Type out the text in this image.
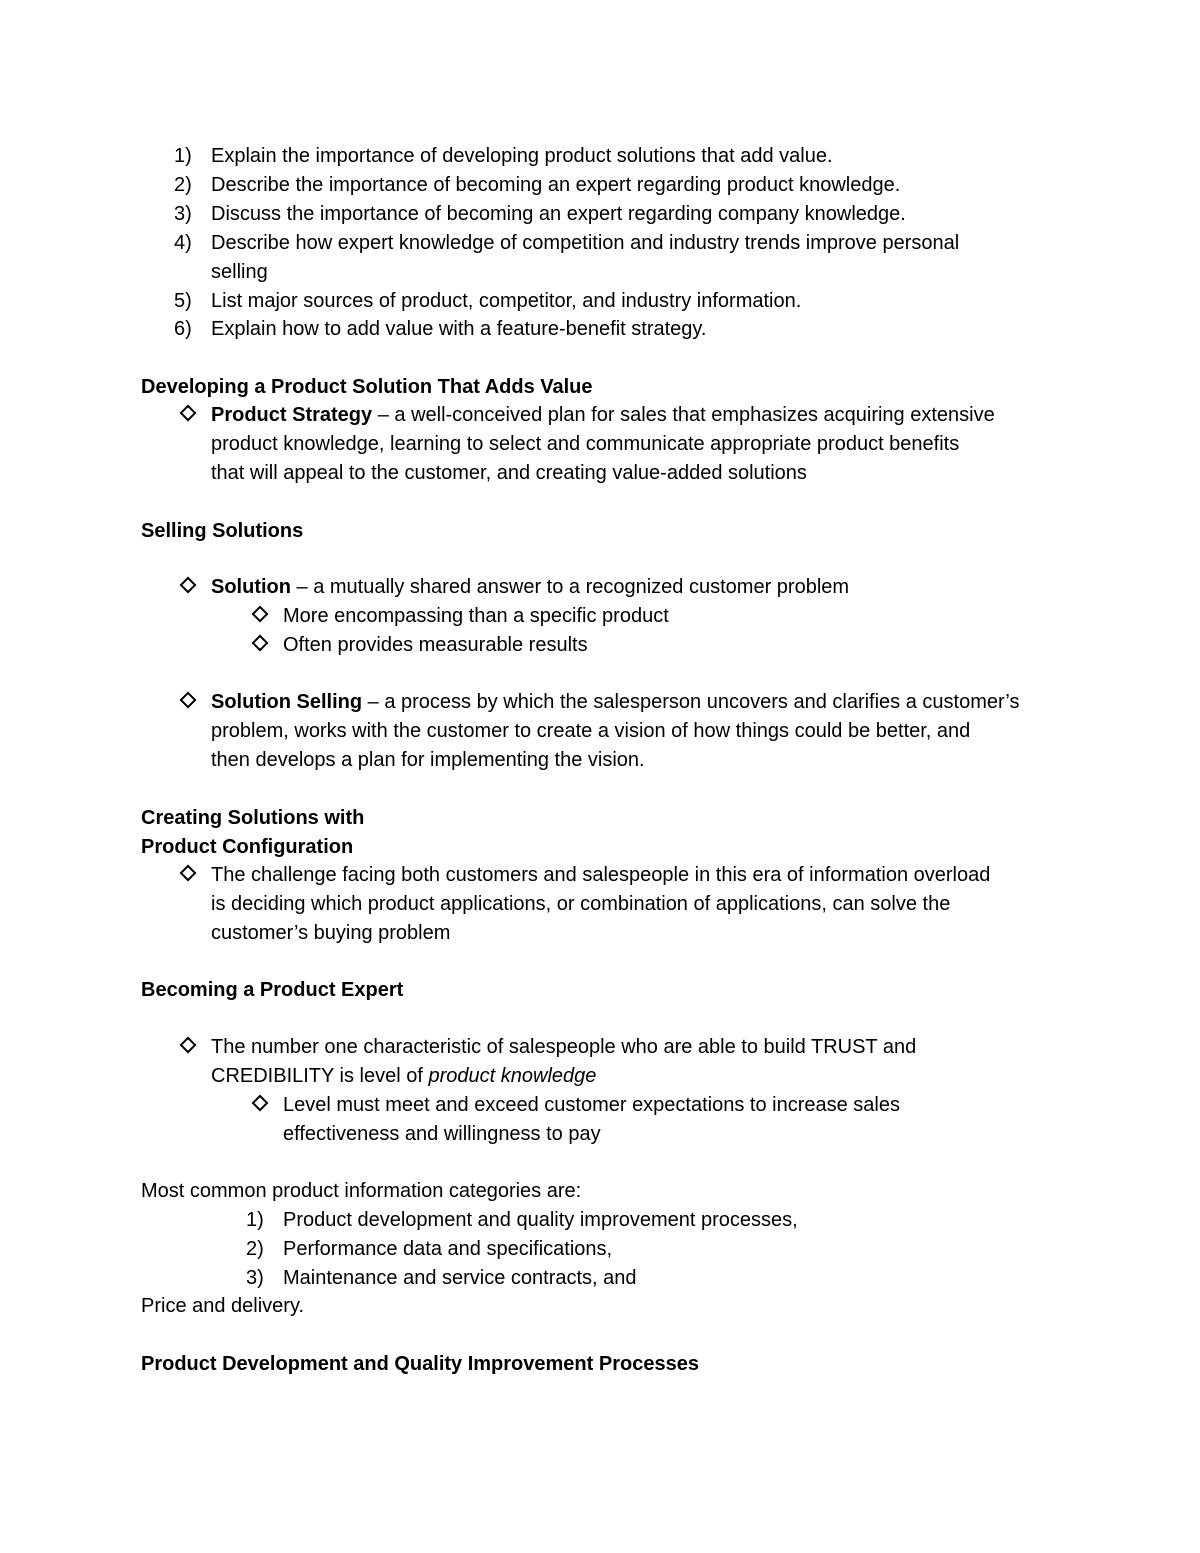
1) Explain the importance of developing product solutions that add value.
2) Describe the importance of becoming an expert regarding product knowledge.
3) Discuss the importance of becoming an expert regarding company knowledge.
4) Describe how expert knowledge of competition and industry trends improve personal
selling
5) List major sources of product, competitor, and industry information.
6) Explain how to add value with a feature-benefit strategy.
Developing a Product Solution That Adds Value
Product Strategy – a well-conceived plan for sales that emphasizes acquiring extensive
product knowledge, learning to select and communicate appropriate product benefits
that will appeal to the customer, and creating value-added solutions
Selling Solutions
Solution – a mutually shared answer to a recognized customer problem
More encompassing than a specific product
Often provides measurable results
Solution Selling – a process by which the salesperson uncovers and clarifies a customer’s
problem, works with the customer to create a vision of how things could be better, and
then develops a plan for implementing the vision.
Creating Solutions with
Product Configuration
The challenge facing both customers and salespeople in this era of information overload
is deciding which product applications, or combination of applications, can solve the
customer’s buying problem
Becoming a Product Expert
The number one characteristic of salespeople who are able to build TRUST and
CREDIBILITY is level of product knowledge
Level must meet and exceed customer expectations to increase sales
effectiveness and willingness to pay
Most common product information categories are:
1) Product development and quality improvement processes,
2) Performance data and specifications,
3) Maintenance and service contracts, and
Price and delivery.
Product Development and Quality Improvement Processes
